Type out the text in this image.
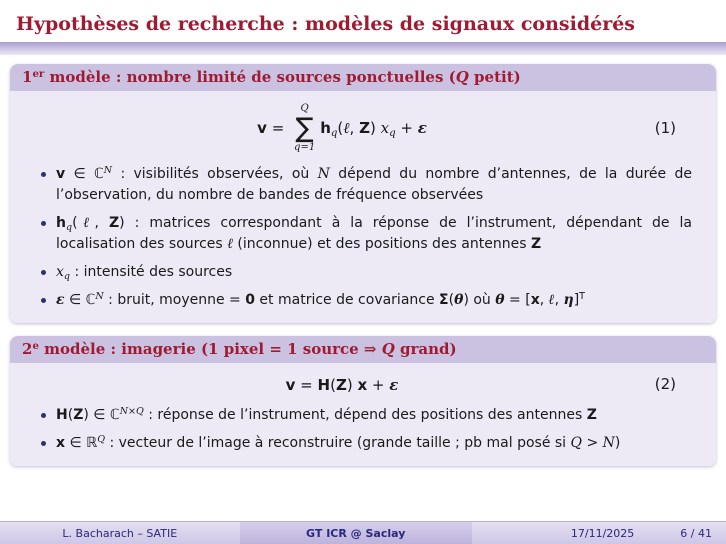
Hypothèses de recherche : modèles de signaux considérés
1er modèle : nombre limité de sources ponctuelles (Q petit)
v =
Q
∑
q=1
hq(ℓ, Z) xq + ε	(1)
v ∈ ℂ$^N$ : visibilités observées, où N dépend du nombre d’antennes, de la durée de l’observation, du nombre de bandes de fréquence observées
hq(ℓ, Z) : matrices correspondant à la réponse de l’instrument, dépendant de la localisation des sources ℓ (inconnue) et des positions des antennes Z
xq : intensité des sources
ε ∈ ℂ$^N$ : bruit, moyenne = 0 et matrice de covariance Σ(θ) où θ = [x, ℓ, η]$^T$
2e modèle : imagerie (1 pixel = 1 source ⇒ Q grand)
v = H(Z) x + ε	(2)
H(Z) ∈ ℂ$^{N\times Q}$ : réponse de l’instrument, dépend des positions des antennes Z
x ∈ ℝ$^Q$ : vecteur de l’image à reconstruire (grande taille ; pb mal posé si Q > N)
L. Bacharach – SATIE	GT ICR @ Saclay	17/11/2025	6 / 41
